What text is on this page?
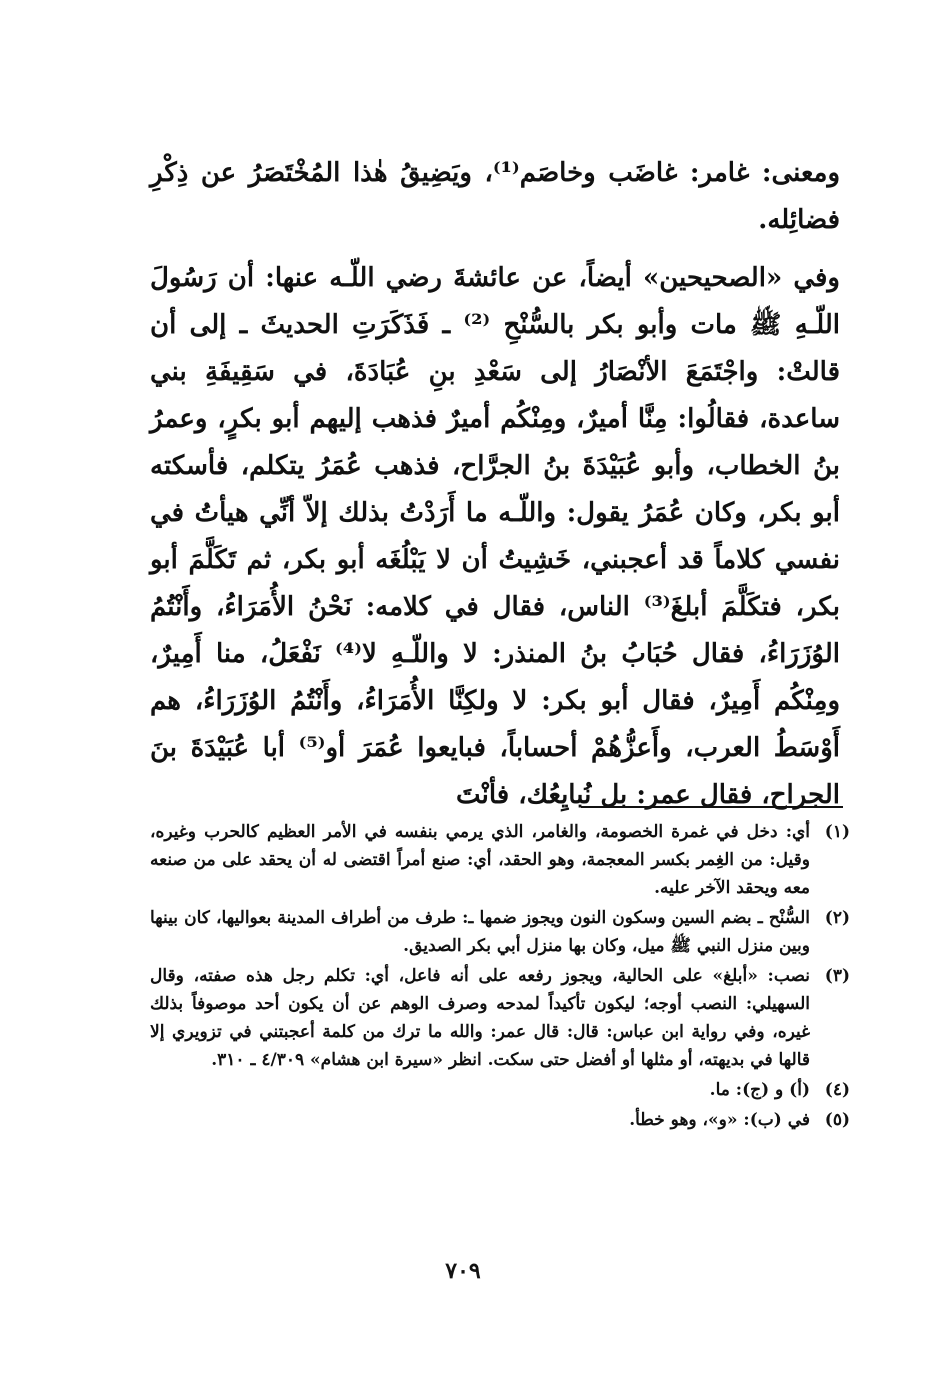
ومعنى: غامر: غاضَب وخاصَم⁽¹⁾، ويَضِيقُ هٰذا المُخْتَصَرُ عن ذِكْرِ فضائِله.

وفي «الصحيحين» أيضاً، عن عائشةَ رضي اللّـه عنها: أن رَسُولَ اللّـهِ ﷺ مات وأبو بكر بالسُّنْحِ ⁽²⁾ ـ فَذَكَرَتِ الحديثَ ـ إلى أن قالتْ: واجْتَمَعَ الأنْصَارُ إلى سَعْدِ بنِ عُبَادَةَ، في سَقِيفَةِ بني ساعدة، فقالُوا: مِنَّا أميرٌ، ومِنْكُم أميرٌ فذهب إليهم أبو بكرٍ، وعمرُ بنُ الخطاب، وأبو عُبَيْدَةَ بنُ الجرَّاح، فذهب عُمَرُ يتكلم، فأسكته أبو بكر، وكان عُمَرُ يقول: واللّـه ما أَرَدْتُ بذلك إلاّ أنِّي هيأتُ في نفسي كلاماً قد أعجبني، خَشِيتُ أن لا يَبْلُغَه أبو بكر، ثم تَكَلَّمَ أبو بكر، فتكَلَّمَ أبلغَ⁽³⁾ الناس، فقال في كلامه: نَحْنُ الأُمَرَاءُ، وأَنْتُمُ الوُزَرَاءُ، فقال حُبَابُ بنُ المنذر: لا واللّـهِ لا⁽⁴⁾ نَفْعَلُ، منا أَمِيرٌ، ومِنْكُم أَمِيرٌ، فقال أبو بكر: لا ولكِنَّا الأُمَرَاءُ، وأَنْتُمُ الوُزَرَاءُ، هم أَوْسَطُ العرب، وأَعزُّهُمْ أحساباً، فبايعوا عُمَرَ أو⁽⁵⁾ أبا عُبَيْدَةَ بنَ الجراح، فقال عمر: بل نُبايِعُك، فأنْتَ

(١)
أي: دخل في غمرة الخصومة، والغامر، الذي يرمي بنفسه في الأمر العظيم كالحرب وغيره، وقيل: من الغِمر بكسر المعجمة، وهو الحقد، أي: صنع أمراً اقتضى له أن يحقد على من صنعه معه ويحقد الآخر عليه.
(٢)
السُّنْح ـ بضم السين وسكون النون ويجوز ضمها ـ: طرف من أطراف المدينة بعواليها، كان بينها وبين منزل النبي ﷺ ميل، وكان بها منزل أبي بكر الصديق.
(٣)
نصب: «أبلغ» على الحالية، ويجوز رفعه على أنه فاعل، أي: تكلم رجل هذه صفته، وقال السهيلي: النصب أوجه؛ ليكون تأكيداً لمدحه وصرف الوهم عن أن يكون أحد موصوفاً بذلك غيره، وفي رواية ابن عباس: قال: قال عمر: والله ما ترك من كلمة أعجبتني في تزويري إلا قالها في بديهته، أو مثلها أو أفضل حتى سكت. انظر «سيرة ابن هشام» ٤/٣٠٩ ـ ٣١٠.
(٤)
(أ) و (ج): ما.
(٥)
في (ب): «و»، وهو خطأ.
٧٠٩
